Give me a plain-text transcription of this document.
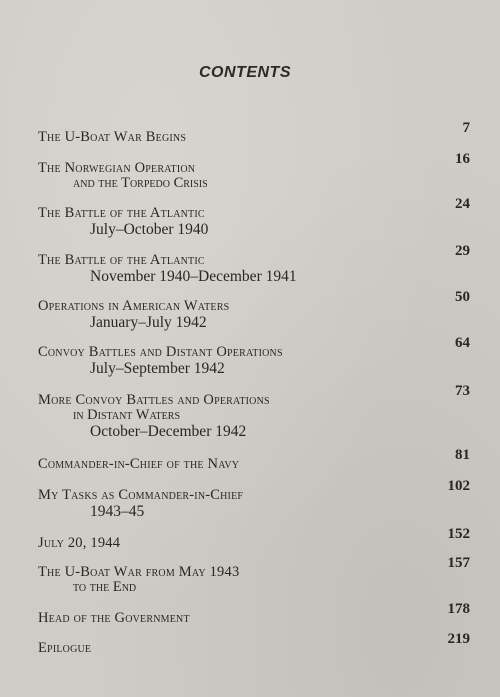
CONTENTS
The U-Boat War Begins
7
The Norwegian Operation
and the Torpedo Crisis
16
The Battle of the Atlantic
July–October 1940
24
The Battle of the Atlantic
November 1940–December 1941
29
Operations in American Waters
January–July 1942
50
Convoy Battles and Distant Operations
July–September 1942
64
More Convoy Battles and Operations
in Distant Waters
October–December 1942
73
Commander-in-Chief of the Navy
81
My Tasks as Commander-in-Chief
1943–45
102
July 20, 1944
152
The U-Boat War from May 1943
to the End
157
Head of the Government
178
Epilogue
219
